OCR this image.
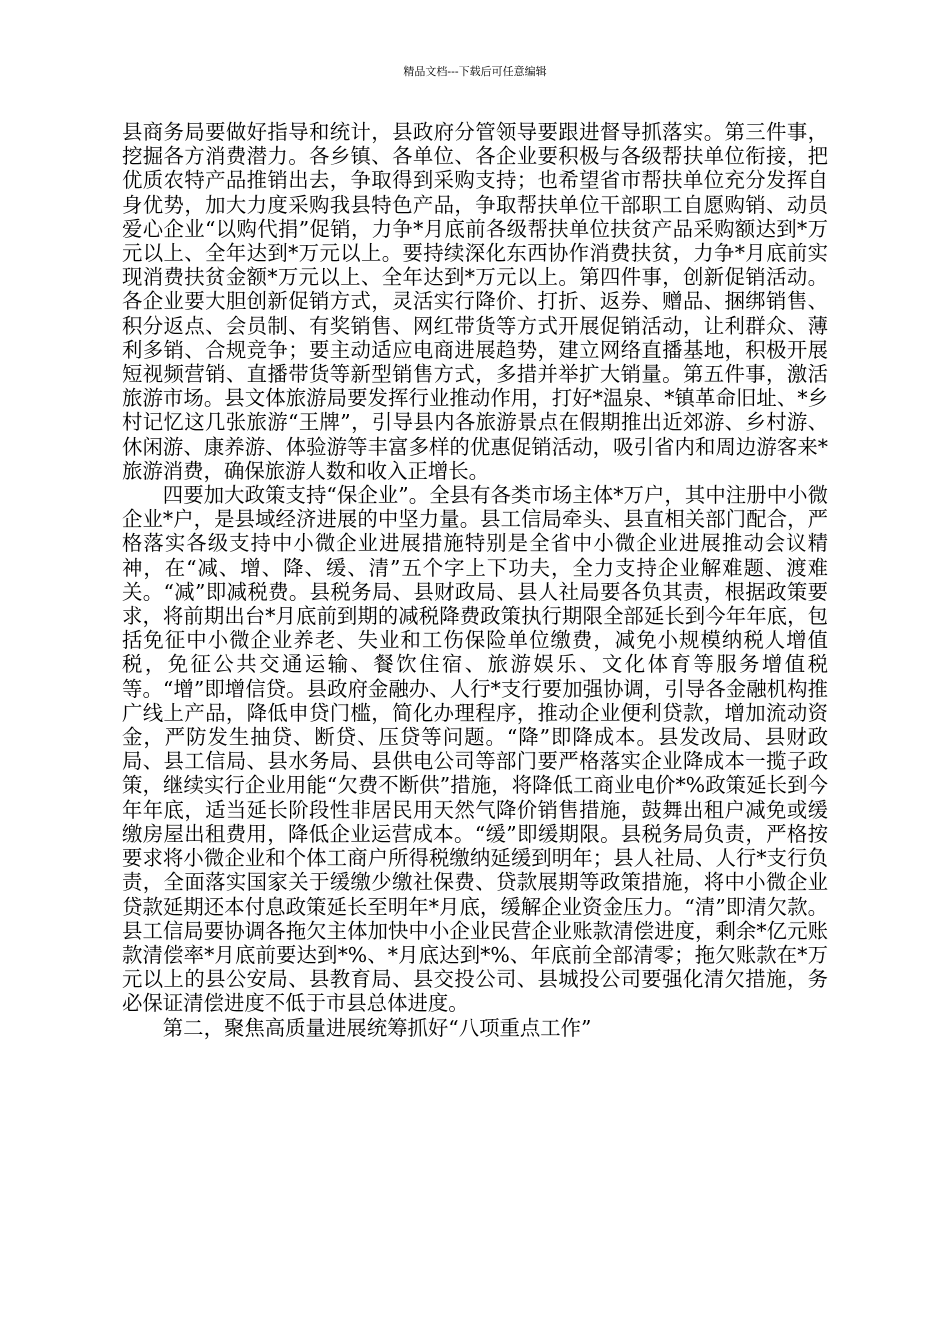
精品文档---下载后可任意编辑

县商务局要做好指导和统计，县政府分管领导要跟进督导抓落实。第三件事，挖掘各方消费潜力。各乡镇、各单位、各企业要积极与各级帮扶单位衔接，把优质农特产品推销出去，争取得到采购支持；也希望省市帮扶单位充分发挥自身优势，加大力度采购我县特色产品，争取帮扶单位干部职工自愿购销、动员爱心企业“以购代捐”促销，力争*月底前各级帮扶单位扶贫产品采购额达到*万元以上、全年达到*万元以上。要持续深化东西协作消费扶贫，力争*月底前实现消费扶贫金额*万元以上、全年达到*万元以上。第四件事，创新促销活动。各企业要大胆创新促销方式，灵活实行降价、打折、返券、赠品、捆绑销售、积分返点、会员制、有奖销售、网红带货等方式开展促销活动，让利群众、薄利多销、合规竞争；要主动适应电商进展趋势，建立网络直播基地，积极开展短视频营销、直播带货等新型销售方式，多措并举扩大销量。第五件事，激活旅游市场。县文体旅游局要发挥行业推动作用，打好*温泉、*镇革命旧址、*乡村记忆这几张旅游“王牌”，引导县内各旅游景点在假期推出近郊游、乡村游、休闲游、康养游、体验游等丰富多样的优惠促销活动，吸引省内和周边游客来*旅游消费，确保旅游人数和收入正增长。

四要加大政策支持“保企业”。全县有各类市场主体*万户，其中注册中小微企业*户，是县域经济进展的中坚力量。县工信局牵头、县直相关部门配合，严格落实各级支持中小微企业进展措施特别是全省中小微企业进展推动会议精神，在“减、增、降、缓、清”五个字上下功夫，全力支持企业解难题、渡难关。“减”即减税费。县税务局、县财政局、县人社局要各负其责，根据政策要求，将前期出台*月底前到期的减税降费政策执行期限全部延长到今年年底，包括免征中小微企业养老、失业和工伤保险单位缴费，减免小规模纳税人增值税，免征公共交通运输、餐饮住宿、旅游娱乐、文化体育等服务增值税等。“增”即增信贷。县政府金融办、人行*支行要加强协调，引导各金融机构推广线上产品，降低申贷门槛，简化办理程序，推动企业便利贷款，增加流动资金，严防发生抽贷、断贷、压贷等问题。“降”即降成本。县发改局、县财政局、县工信局、县水务局、县供电公司等部门要严格落实企业降成本一揽子政策，继续实行企业用能“欠费不断供”措施，将降低工商业电价*%政策延长到今年年底，适当延长阶段性非居民用天然气降价销售措施，鼓舞出租户减免或缓缴房屋出租费用，降低企业运营成本。“缓”即缓期限。县税务局负责，严格按要求将小微企业和个体工商户所得税缴纳延缓到明年；县人社局、人行*支行负责，全面落实国家关于缓缴少缴社保费、贷款展期等政策措施，将中小微企业贷款延期还本付息政策延长至明年*月底，缓解企业资金压力。“清”即清欠款。县工信局要协调各拖欠主体加快中小企业民营企业账款清偿进度，剩余*亿元账款清偿率*月底前要达到*%、*月底达到*%、年底前全部清零；拖欠账款在*万元以上的县公安局、县教育局、县交投公司、县城投公司要强化清欠措施，务必保证清偿进度不低于市县总体进度。

第二，聚焦高质量进展统筹抓好“八项重点工作”
